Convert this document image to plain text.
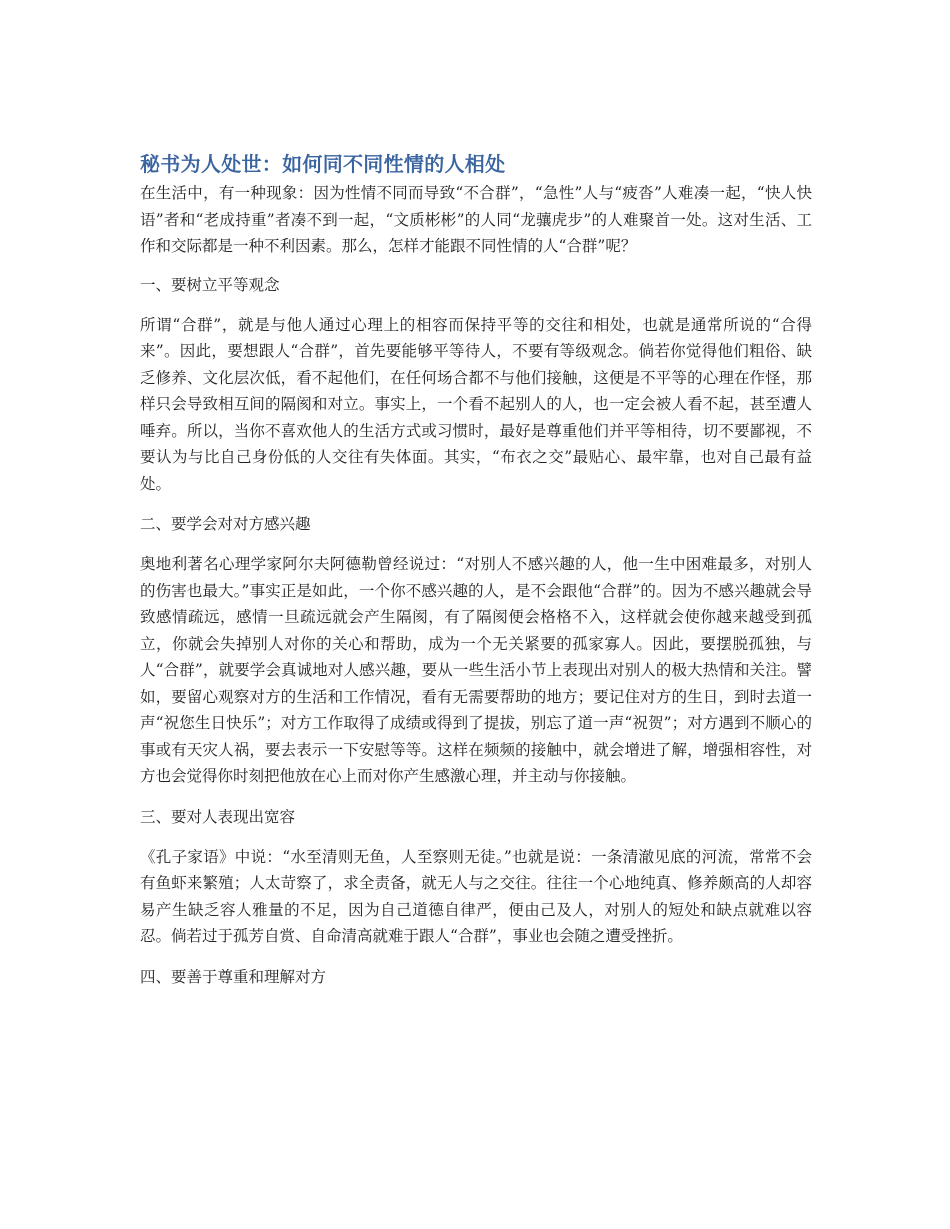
秘书为人处世：如何同不同性情的人相处

在生活中，有一种现象：因为性情不同而导致“不合群”，“急性”人与“疲沓”人难凑一起，“快人快语”者和“老成持重”者凑不到一起，“文质彬彬”的人同“龙骧虎步”的人难聚首一处。这对生活、工作和交际都是一种不利因素。那么，怎样才能跟不同性情的人“合群”呢？

一、要树立平等观念

所谓“合群”，就是与他人通过心理上的相容而保持平等的交往和相处，也就是通常所说的“合得来”。因此，要想跟人“合群”，首先要能够平等待人，不要有等级观念。倘若你觉得他们粗俗、缺乏修养、文化层次低，看不起他们，在任何场合都不与他们接触，这便是不平等的心理在作怪，那样只会导致相互间的隔阂和对立。事实上，一个看不起别人的人，也一定会被人看不起，甚至遭人唾弃。所以，当你不喜欢他人的生活方式或习惯时，最好是尊重他们并平等相待，切不要鄙视，不要认为与比自己身份低的人交往有失体面。其实，“布衣之交”最贴心、最牢靠，也对自己最有益处。

二、要学会对对方感兴趣

奥地利著名心理学家阿尔夫阿德勒曾经说过：“对别人不感兴趣的人，他一生中困难最多，对别人的伤害也最大。”事实正是如此，一个你不感兴趣的人，是不会跟他“合群”的。因为不感兴趣就会导致感情疏远，感情一旦疏远就会产生隔阂，有了隔阂便会格格不入，这样就会使你越来越受到孤立，你就会失掉别人对你的关心和帮助，成为一个无关紧要的孤家寡人。因此，要摆脱孤独，与人“合群”，就要学会真诚地对人感兴趣，要从一些生活小节上表现出对别人的极大热情和关注。譬如，要留心观察对方的生活和工作情况，看有无需要帮助的地方；要记住对方的生日，到时去道一声“祝您生日快乐”；对方工作取得了成绩或得到了提拔，别忘了道一声“祝贺”；对方遇到不顺心的事或有天灾人祸，要去表示一下安慰等等。这样在频频的接触中，就会增进了解，增强相容性，对方也会觉得你时刻把他放在心上而对你产生感激心理，并主动与你接触。

三、要对人表现出宽容

《孔子家语》中说：“水至清则无鱼，人至察则无徒。”也就是说：一条清澈见底的河流，常常不会有鱼虾来繁殖；人太苛察了，求全责备，就无人与之交往。往往一个心地纯真、修养颇高的人却容易产生缺乏容人雅量的不足，因为自己道德自律严，便由己及人，对别人的短处和缺点就难以容忍。倘若过于孤芳自赏、自命清高就难于跟人“合群”，事业也会随之遭受挫折。

四、要善于尊重和理解对方
